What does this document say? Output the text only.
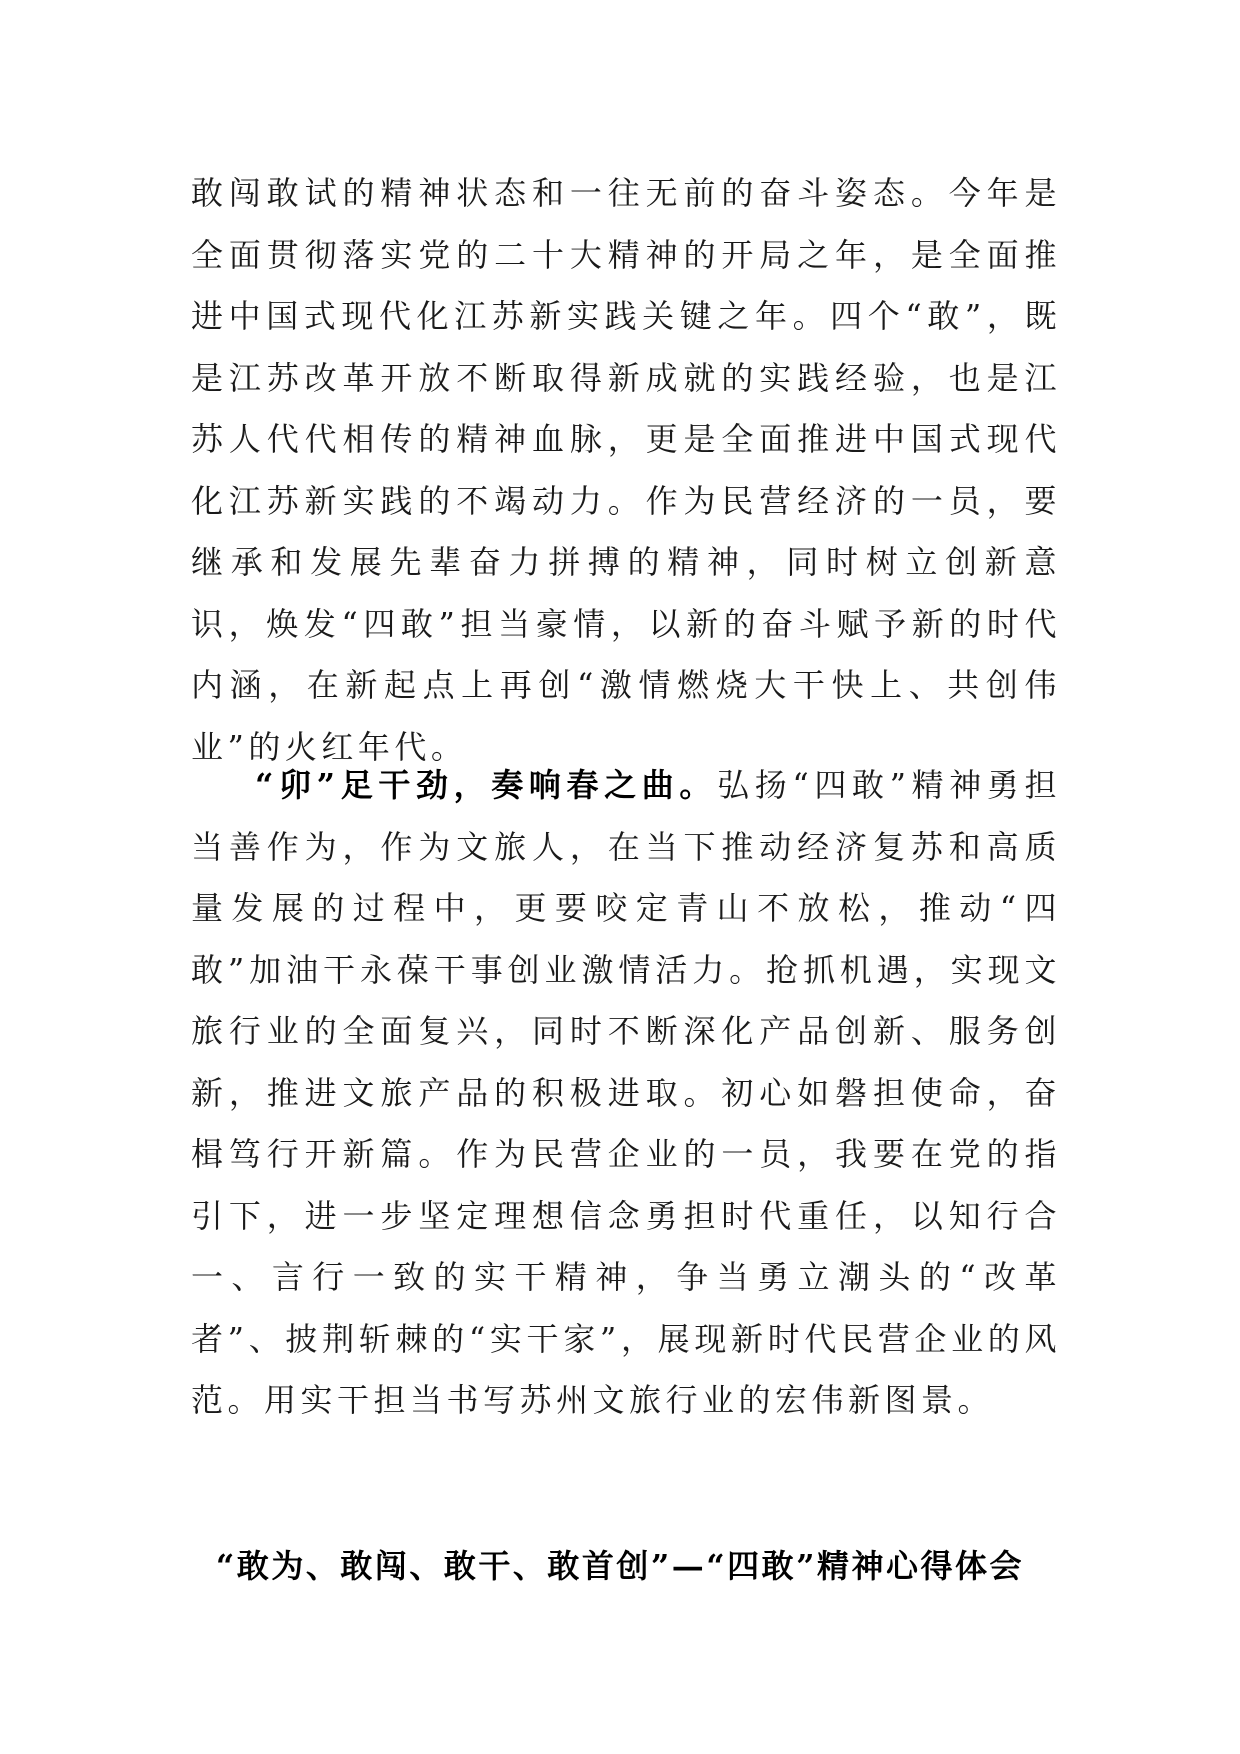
敢闯敢试的精神状态和一往无前的奋斗姿态。今年是全面贯彻落实党的二十大精神的开局之年，是全面推进中国式现代化江苏新实践关键之年。四个“敢”，既是江苏改革开放不断取得新成就的实践经验，也是江苏人代代相传的精神血脉，更是全面推进中国式现代化江苏新实践的不竭动力。作为民营经济的一员，要继承和发展先辈奋力拼搏的精神，同时树立创新意识，焕发“四敢”担当豪情，以新的奋斗赋予新的时代内涵，在新起点上再创“激情燃烧大干快上、共创伟业”的火红年代。

“卯”足干劲，奏响春之曲。弘扬“四敢”精神勇担当善作为，作为文旅人，在当下推动经济复苏和高质量发展的过程中，更要咬定青山不放松，推动“四敢”加油干永葆干事创业激情活力。抢抓机遇，实现文旅行业的全面复兴，同时不断深化产品创新、服务创新，推进文旅产品的积极进取。初心如磐担使命，奋楫笃行开新篇。作为民营企业的一员，我要在党的指引下，进一步坚定理想信念勇担时代重任，以知行合一、言行一致的实干精神，争当勇立潮头的“改革者”、披荆斩棘的“实干家”，展现新时代民营企业的风范。用实干担当书写苏州文旅行业的宏伟新图景。

“敢为、敢闯、敢干、敢首创”—“四敢”精神心得体会
